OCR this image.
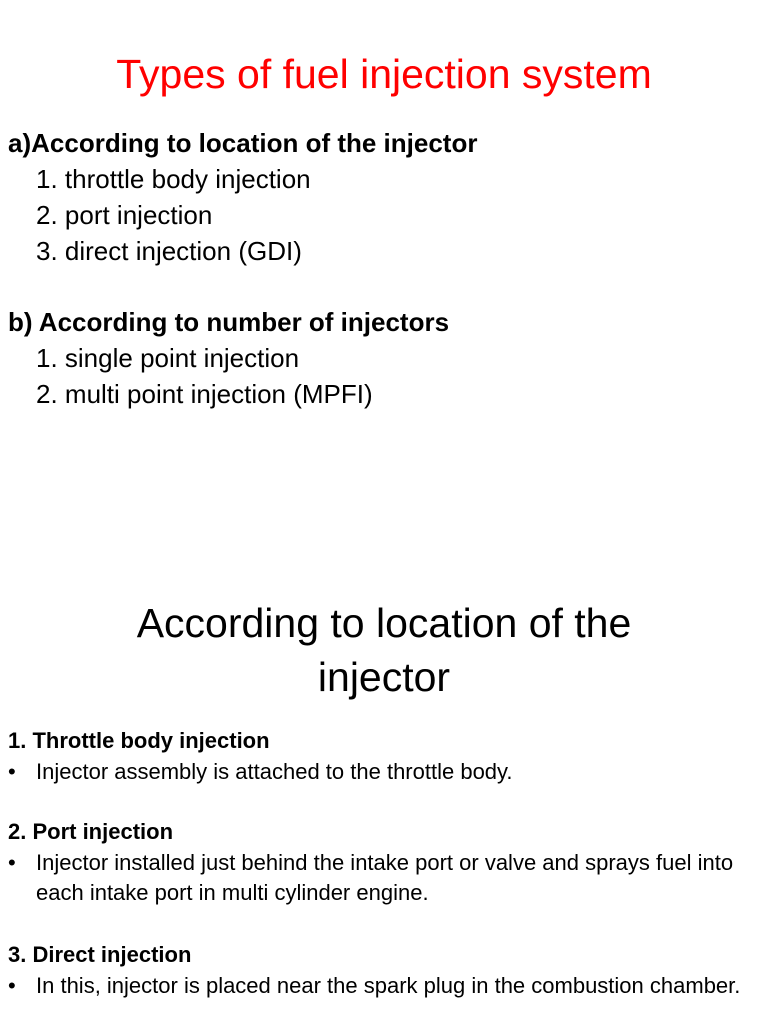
Types of fuel injection system
a)According to location of the injector
1. throttle body injection
2. port injection
3. direct injection (GDI)
b) According to number of injectors
1. single point injection
2. multi point injection (MPFI)
According to location of the
injector
1. Throttle body injection
• Injector assembly is attached to the throttle body.
2. Port injection
• Injector installed just behind the intake port or valve and sprays fuel into each intake port in multi cylinder engine.
3. Direct injection
• In this, injector is placed near the spark plug in the combustion chamber.
